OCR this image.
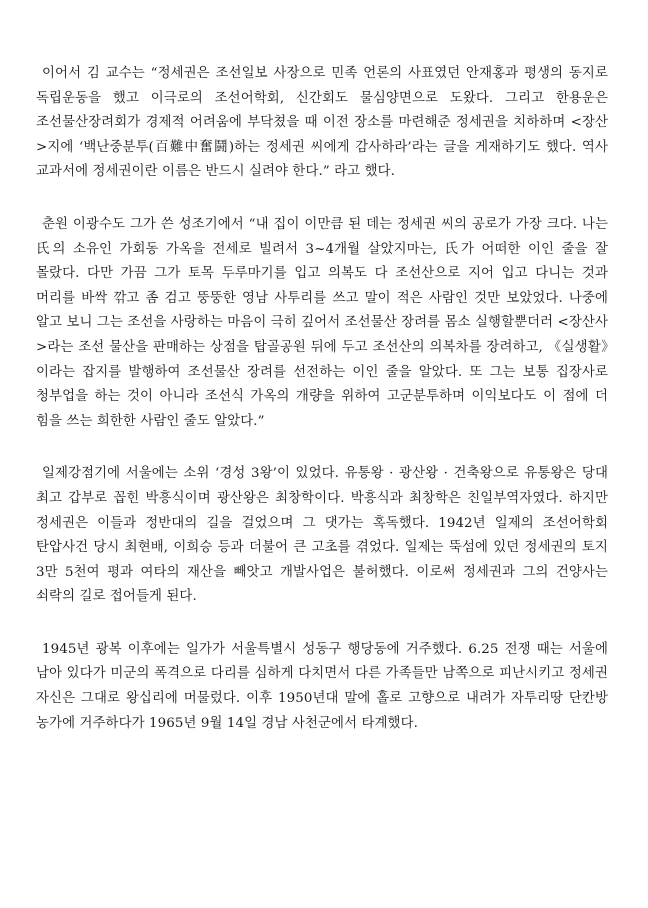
이어서 김 교수는 “정세권은 조선일보 사장으로 민족 언론의 사표였던 안재홍과 평생의 동지로 독립운동을 했고 이극로의 조선어학회, 신간회도 물심양면으로 도왔다. 그리고 한용운은 조선물산장려회가 경제적 어려움에 부닥쳤을 때 이전 장소를 마련해준 정세권을 치하하며 <장산>지에 ‘백난중분투(百難中奮鬪)하는 정세권 씨에게 감사하라’라는 글을 게재하기도 했다. 역사 교과서에 정세권이란 이름은 반드시 실려야 한다.” 라고 했다.

춘원 이광수도 그가 쓴 성조기에서 “내 집이 이만큼 된 데는 정세권 씨의 공로가 가장 크다. 나는 氏의 소유인 가회동 가옥을 전세로 빌려서 3~4개월 살았지마는, 氏가 어떠한 이인 줄을 잘 몰랐다. 다만 가끔 그가 토목 두루마기를 입고 의복도 다 조선산으로 지어 입고 다니는 것과 머리를 바싹 깎고 좀 검고 뚱뚱한 영남 사투리를 쓰고 말이 적은 사람인 것만 보았었다. 나중에 알고 보니 그는 조선을 사랑하는 마음이 극히 깊어서 조선물산 장려를 몸소 실행할뿐더러 <장산사>라는 조선 물산을 판매하는 상점을 탑골공원 뒤에 두고 조선산의 의복차를 장려하고, 《실생활》이라는 잡지를 발행하여 조선물산 장려를 선전하는 이인 줄을 알았다. 또 그는 보통 집장사로 청부업을 하는 것이 아니라 조선식 가옥의 개량을 위하여 고군분투하며 이익보다도 이 점에 더 힘을 쓰는 희한한 사람인 줄도 알았다.”

일제강점기에 서울에는 소위 ‘경성 3왕’이 있었다. 유통왕 · 광산왕 · 건축왕으로 유통왕은 당대 최고 갑부로 꼽힌 박흥식이며 광산왕은 최창학이다. 박흥식과 최창학은 친일부역자였다. 하지만 정세권은 이들과 정반대의 길을 걸었으며 그 댓가는 혹독했다. 1942년 일제의 조선어학회 탄압사건 당시 최현배, 이희승 등과 더불어 큰 고초를 겪었다. 일제는 뚝섬에 있던 정세권의 토지 3만 5천여 평과 여타의 재산을 빼앗고 개발사업은 불허했다. 이로써 정세권과 그의 건양사는 쇠락의 길로 접어들게 된다.

1945년 광복 이후에는 일가가 서울특별시 성동구 행당동에 거주했다. 6.25 전쟁 때는 서울에 남아 있다가 미군의 폭격으로 다리를 심하게 다치면서 다른 가족들만 남쪽으로 피난시키고 정세권 자신은 그대로 왕십리에 머물렀다. 이후 1950년대 말에 홀로 고향으로 내려가 자투리땅 단칸방 농가에 거주하다가 1965년 9월 14일 경남 사천군에서 타계했다.
